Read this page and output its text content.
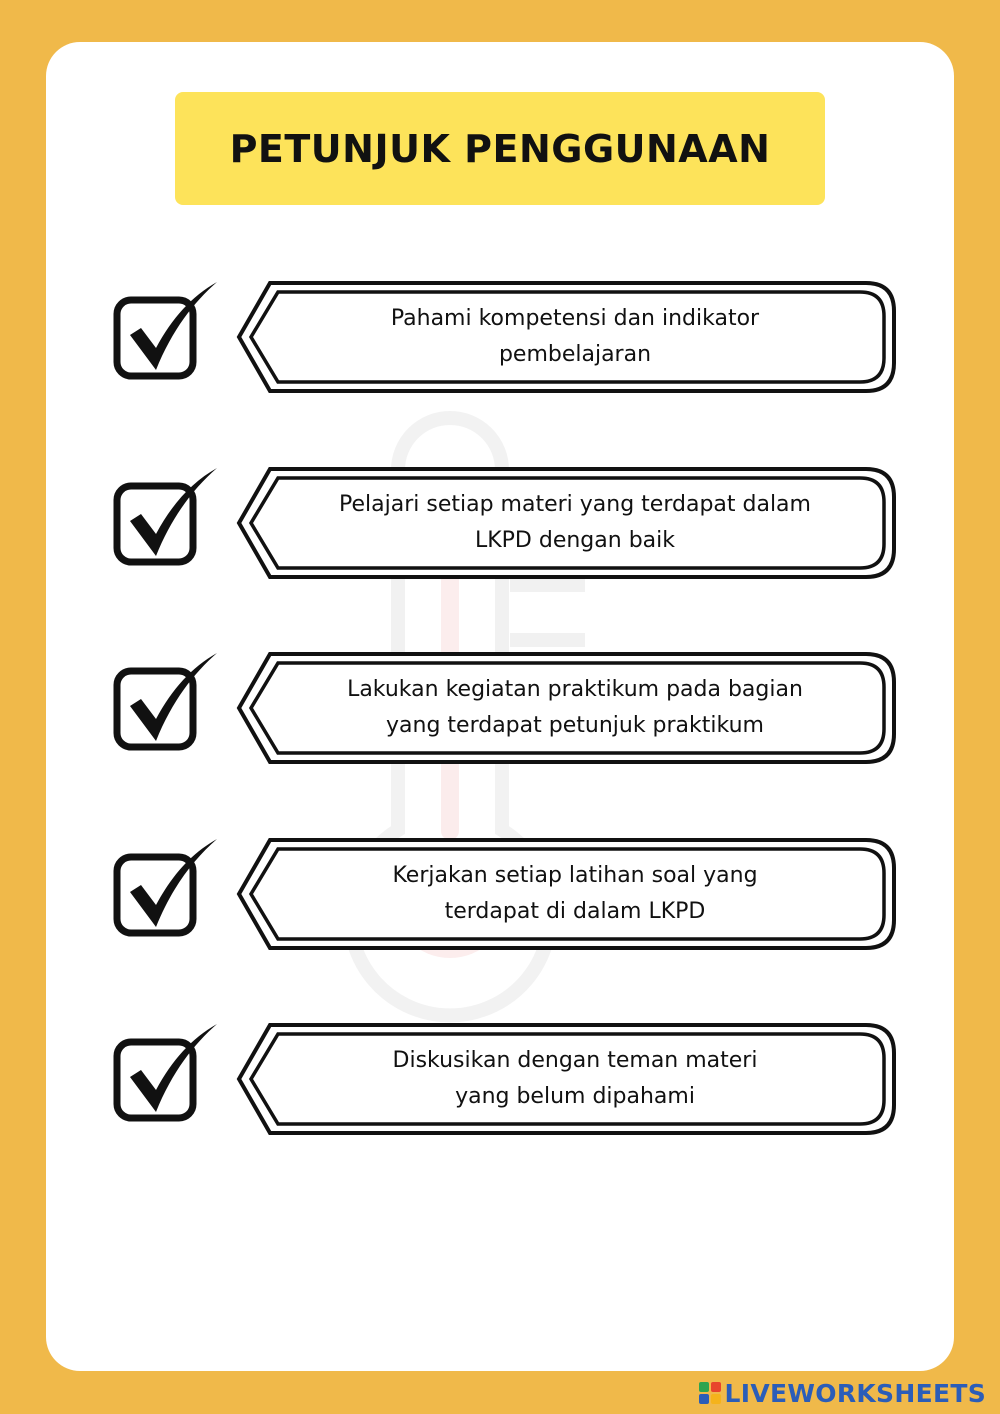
PETUNJUK PENGGUNAAN
Pahami kompetensi dan indikator
pembelajaran
Pelajari setiap materi yang terdapat dalam
LKPD dengan baik
Lakukan kegiatan praktikum pada bagian
yang terdapat petunjuk praktikum
Kerjakan setiap latihan soal yang
terdapat di dalam LKPD
Diskusikan dengan teman materi
yang belum dipahami
LIVEWORKSHEETS
